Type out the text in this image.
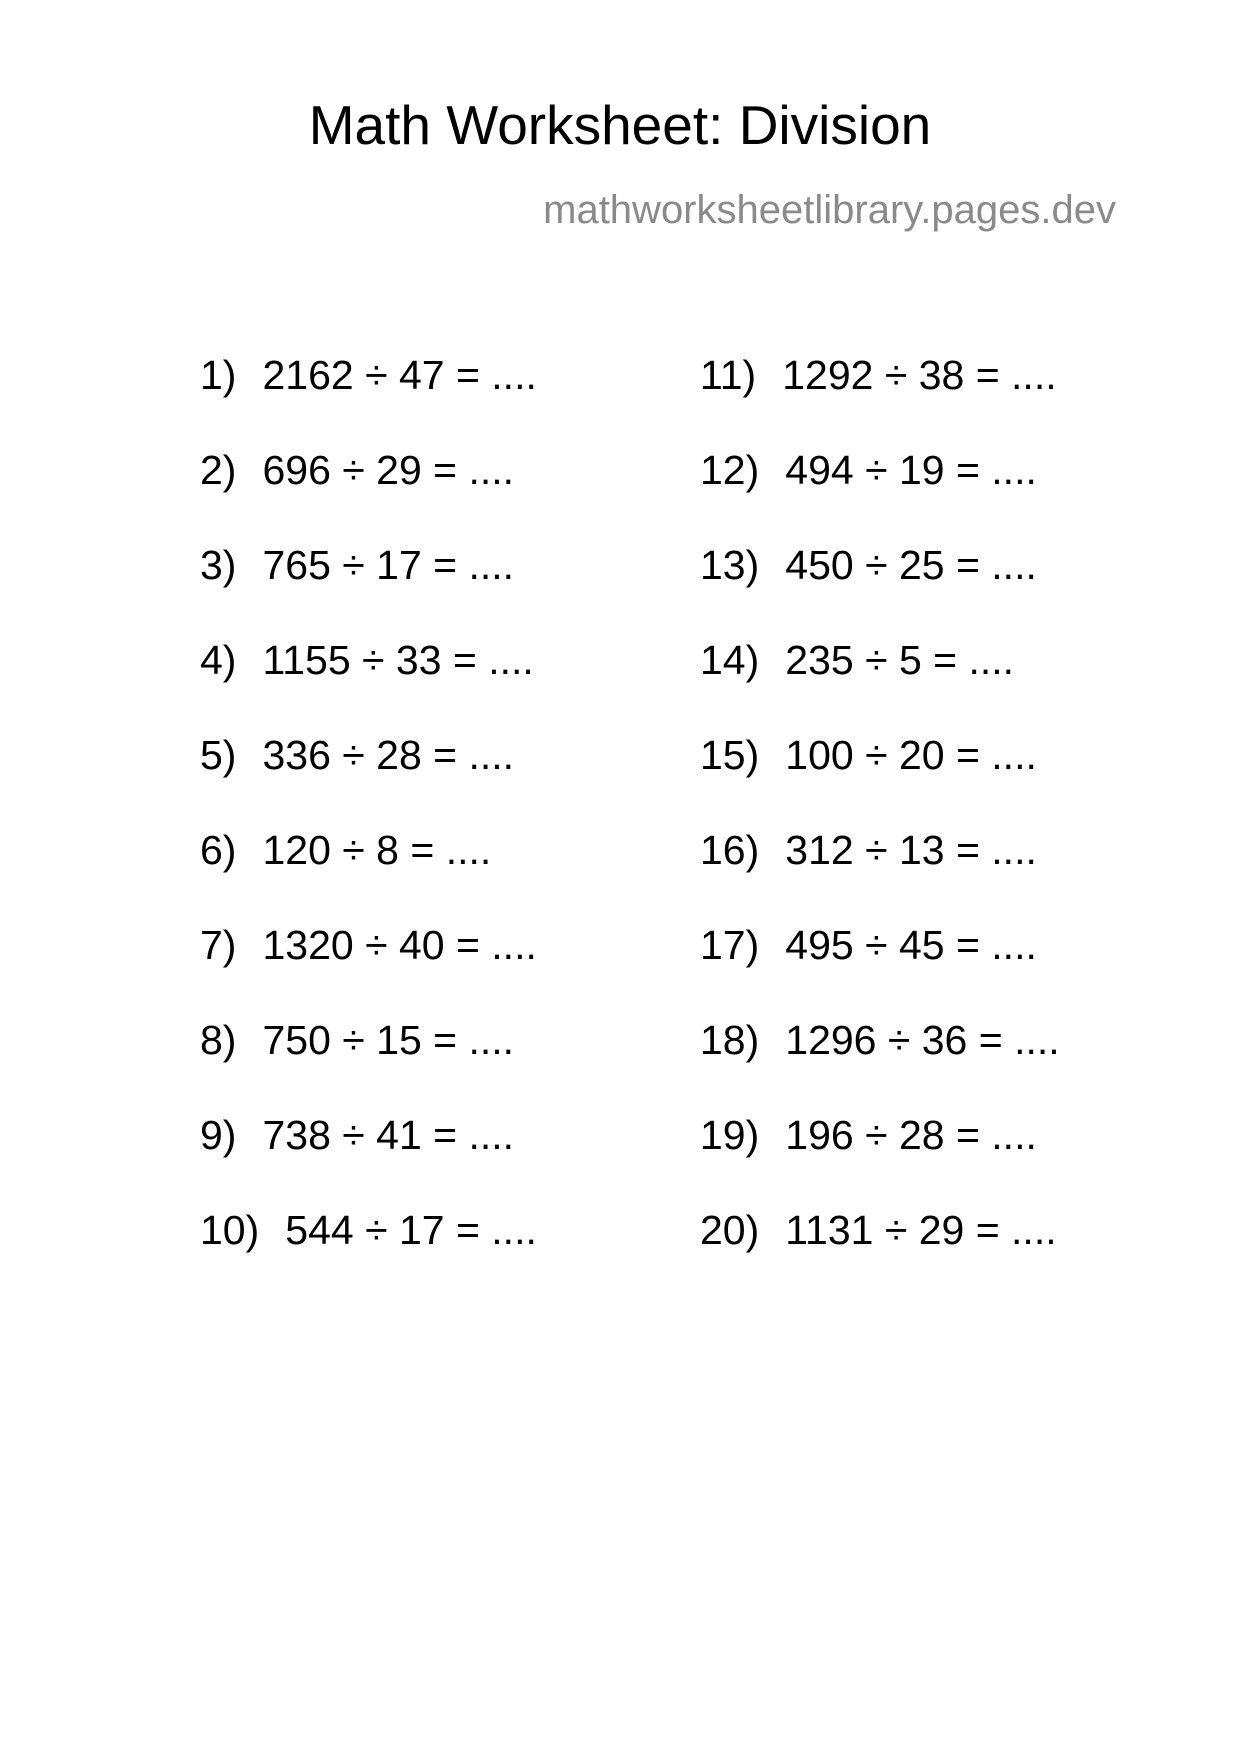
Math Worksheet: Division
mathworksheetlibrary.pages.dev
1) 2162 ÷ 47 = ....
2) 696 ÷ 29 = ....
3) 765 ÷ 17 = ....
4) 1155 ÷ 33 = ....
5) 336 ÷ 28 = ....
6) 120 ÷ 8 = ....
7) 1320 ÷ 40 = ....
8) 750 ÷ 15 = ....
9) 738 ÷ 41 = ....
10) 544 ÷ 17 = ....
11) 1292 ÷ 38 = ....
12) 494 ÷ 19 = ....
13) 450 ÷ 25 = ....
14) 235 ÷ 5 = ....
15) 100 ÷ 20 = ....
16) 312 ÷ 13 = ....
17) 495 ÷ 45 = ....
18) 1296 ÷ 36 = ....
19) 196 ÷ 28 = ....
20) 1131 ÷ 29 = ....
